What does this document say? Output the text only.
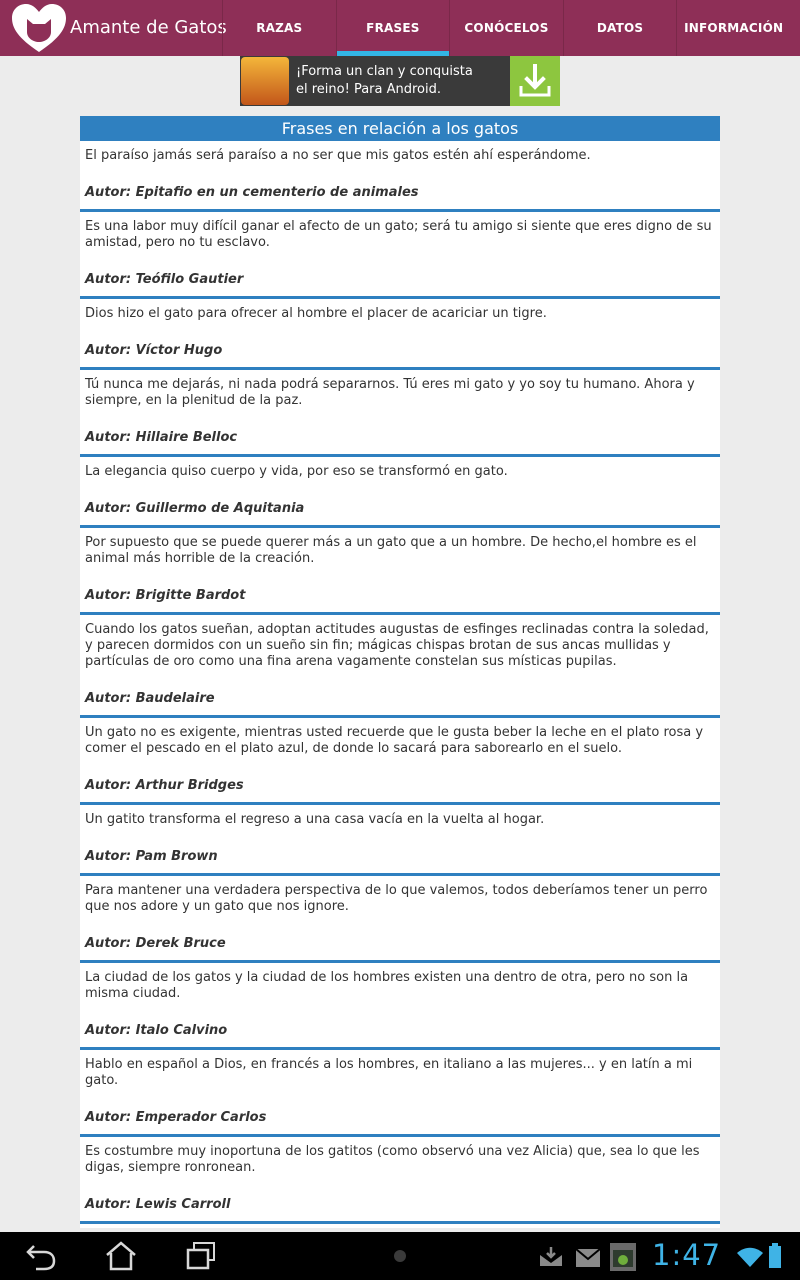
Amante de Gatos RAZAS	FRASES	CONÓCELOS	DATOS	INFORMACIÓN
¡Forma un clan y conquista el reino! Para Android.
Frases en relación a los gatos
El paraíso jamás será paraíso a no ser que mis gatos estén ahí esperándome.
Autor: Epitafio en un cementerio de animales
Es una labor muy difícil ganar el afecto de un gato; será tu amigo si siente que eres digno de su amistad, pero no tu esclavo.
Autor: Teófilo Gautier
Dios hizo el gato para ofrecer al hombre el placer de acariciar un tigre.
Autor: Víctor Hugo
Tú nunca me dejarás, ni nada podrá separarnos. Tú eres mi gato y yo soy tu humano. Ahora y siempre, en la plenitud de la paz.
Autor: Hillaire Belloc
La elegancia quiso cuerpo y vida, por eso se transformó en gato.
Autor: Guillermo de Aquitania
Por supuesto que se puede querer más a un gato que a un hombre. De hecho,el hombre es el animal más horrible de la creación.
Autor: Brigitte Bardot
Cuando los gatos sueñan, adoptan actitudes augustas de esfinges reclinadas contra la soledad, y parecen dormidos con un sueño sin fin; mágicas chispas brotan de sus ancas mullidas y partículas de oro como una fina arena vagamente constelan sus místicas pupilas.
Autor: Baudelaire
Un gato no es exigente, mientras usted recuerde que le gusta beber la leche en el plato rosa y comer el pescado en el plato azul, de donde lo sacará para saborearlo en el suelo.
Autor: Arthur Bridges
Un gatito transforma el regreso a una casa vacía en la vuelta al hogar.
Autor: Pam Brown
Para mantener una verdadera perspectiva de lo que valemos, todos deberíamos tener un perro que nos adore y un gato que nos ignore.
Autor: Derek Bruce
La ciudad de los gatos y la ciudad de los hombres existen una dentro de otra, pero no son la misma ciudad.
Autor: Italo Calvino
Hablo en español a Dios, en francés a los hombres, en italiano a las mujeres... y en latín a mi gato.
Autor: Emperador Carlos
Es costumbre muy inoportuna de los gatitos (como observó una vez Alicia) que, sea lo que les digas, siempre ronronean.
Autor: Lewis Carroll
1:47
